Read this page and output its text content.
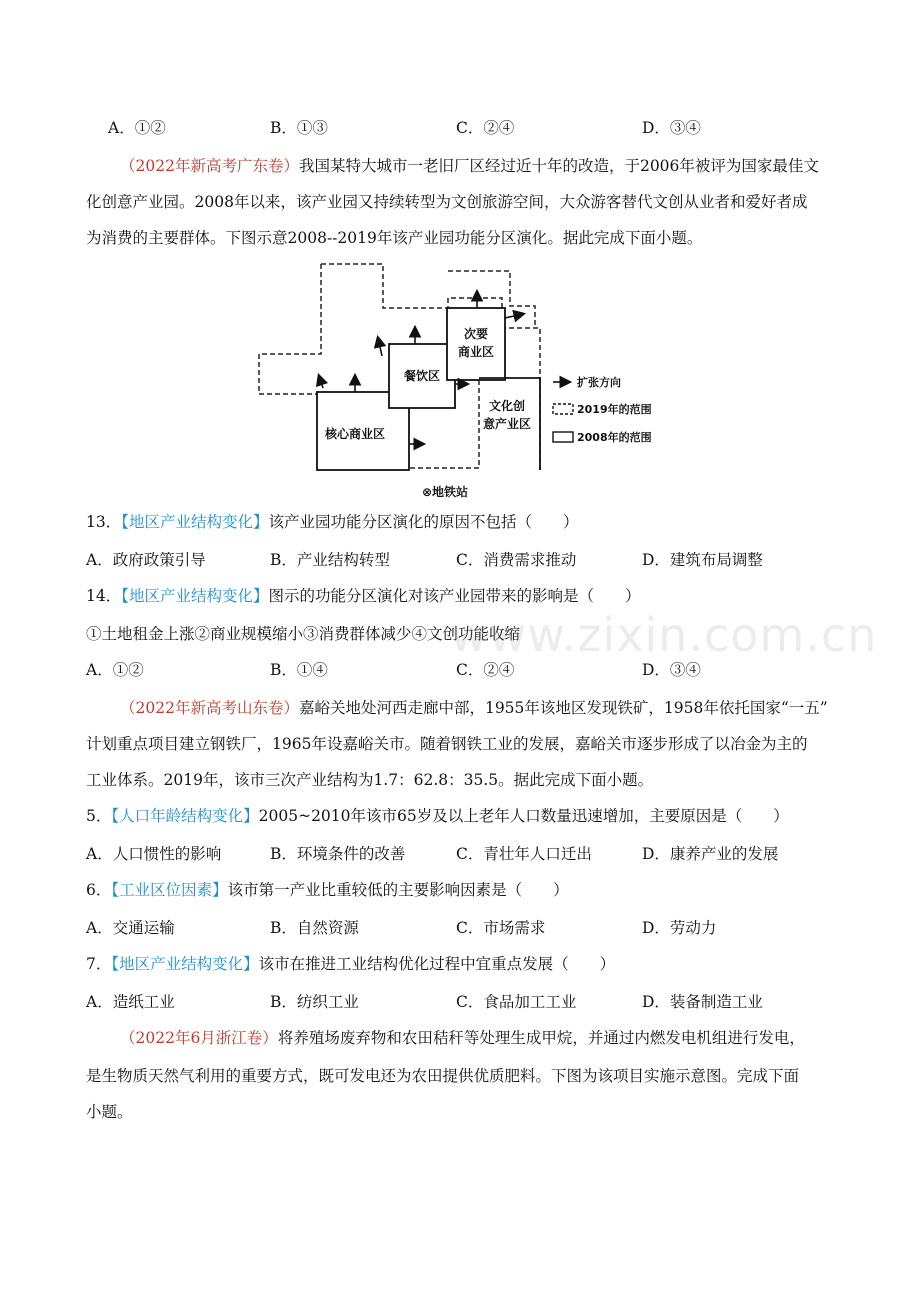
A．①②	B．①③	C．②④	D．③④
（2022年新高考广东卷）我国某特大城市一老旧厂区经过近十年的改造，于2006年被评为国家最佳文
化创意产业园。2008年以来，该产业园又持续转型为文创旅游空间，大众游客替代文创从业者和爱好者成
为消费的主要群体。下图示意2008--2019年该产业园功能分区演化。据此完成下面小题。
餐饮区
次要
商业区
核心商业区
文化创
意产业区
⊗地铁站
扩张方向
2019年的范围
2008年的范围
13．【地区产业结构变化】该产业园功能分区演化的原因不包括（　　）
A．政府政策引导	B．产业结构转型	C．消费需求推动	D．建筑布局调整
14．【地区产业结构变化】图示的功能分区演化对该产业园带来的影响是（　　）
①土地租金上涨②商业规模缩小③消费群体减少④文创功能收缩
A．①②	B．①④	C．②④	D．③④
www.zixin.com.cn
（2022年新高考山东卷）嘉峪关地处河西走廊中部，1955年该地区发现铁矿，1958年依托国家“一五”
计划重点项目建立钢铁厂，1965年设嘉峪关市。随着钢铁工业的发展，嘉峪关市逐步形成了以冶金为主的
工业体系。2019年，该市三次产业结构为1.7：62.8：35.5。据此完成下面小题。
5．【人口年龄结构变化】2005~2010年该市65岁及以上老年人口数量迅速增加，主要原因是（　　）
A．人口惯性的影响	B．环境条件的改善	C．青壮年人口迁出	D．康养产业的发展
6．【工业区位因素】该市第一产业比重较低的主要影响因素是（　　）
A．交通运输	B．自然资源	C．市场需求	D．劳动力
7．【地区产业结构变化】该市在推进工业结构优化过程中宜重点发展（　　）
A．造纸工业	B．纺织工业	C．食品加工工业	D．装备制造工业
（2022年6月浙江卷）将养殖场废弃物和农田秸秆等处理生成甲烷，并通过内燃发电机组进行发电，
是生物质天然气利用的重要方式，既可发电还为农田提供优质肥料。下图为该项目实施示意图。完成下面
小题。
